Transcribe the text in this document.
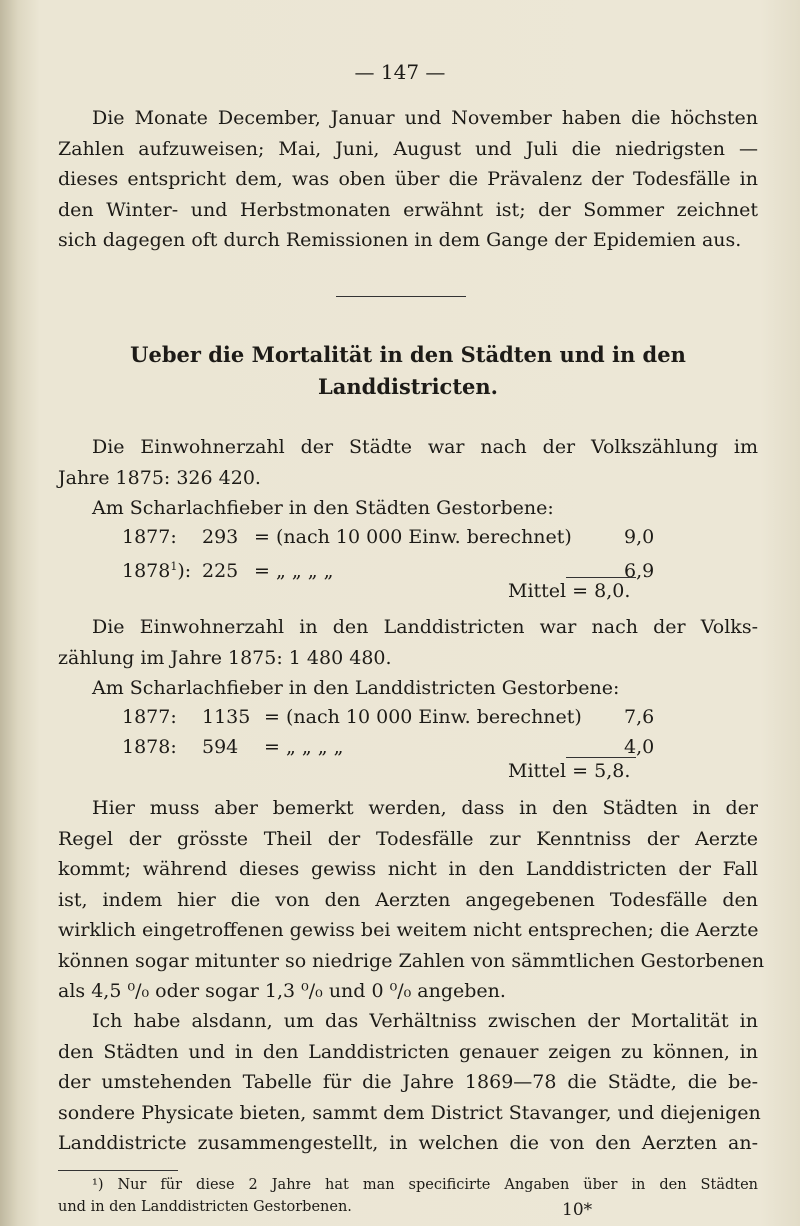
— 147 —
Die Monate December, Januar und November haben die höchsten
Zahlen aufzuweisen; Mai, Juni, August und Juli die niedrigsten —
dieses entspricht dem, was oben über die Prävalenz der Todesfälle in
den Winter- und Herbstmonaten erwähnt ist; der Sommer zeichnet
sich dagegen oft durch Remissionen in dem Gange der Epidemien aus.
Ueber die Mortalität in den Städten und in den
Landdistricten.
Die Einwohnerzahl der Städte war nach der Volkszählung im
Jahre 1875: 326 420.
Am Scharlachfieber in den Städten Gestorbene:
1877: 293 = (nach 10 000 Einw. berechnet)	9,0
1878$^1$): 225 = „ „ „ „	6,9
Mittel = 8,0.
Die Einwohnerzahl in den Landdistricten war nach der Volks-
zählung im Jahre 1875: 1 480 480.
Am Scharlachfieber in den Landdistricten Gestorbene:
1877: 1135 = (nach 10 000 Einw. berechnet) 7,6
1878: 594 = „ „ „ „	4,0
Mittel = 5,8.
Hier muss aber bemerkt werden, dass in den Städten in der
Regel der grösste Theil der Todesfälle zur Kenntniss der Aerzte
kommt; während dieses gewiss nicht in den Landdistricten der Fall
ist, indem hier die von den Aerzten angegebenen Todesfälle den
wirklich eingetroffenen gewiss bei weitem nicht entsprechen; die Aerzte
können sogar mitunter so niedrige Zahlen von sämmtlichen Gestorbenen
als 4,5 ⁰/₀ oder sogar 1,3 ⁰/₀ und 0 ⁰/₀ angeben.
Ich habe alsdann, um das Verhältniss zwischen der Mortalität in
den Städten und in den Landdistricten genauer zeigen zu können, in
der umstehenden Tabelle für die Jahre 1869—78 die Städte, die be-
sondere Physicate bieten, sammt dem District Stavanger, und diejenigen
Landdistricte zusammengestellt, in welchen die von den Aerzten an-
¹) Nur für diese 2 Jahre hat man specificirte Angaben über in den Städten
und in den Landdistricten Gestorbenen.	10*
